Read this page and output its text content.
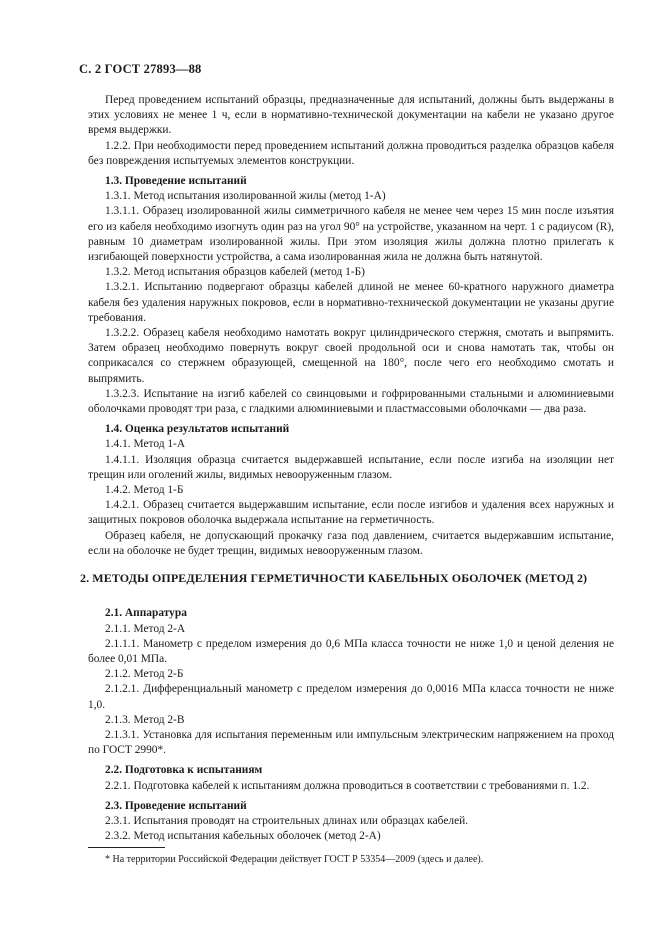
С. 2 ГОСТ 27893—88

Перед проведением испытаний образцы, предназначенные для испытаний, должны быть выдержаны в этих условиях не менее 1 ч, если в нормативно-технической документации на кабели не указано другое время выдержки.

1.2.2. При необходимости перед проведением испытаний должна проводиться разделка образцов кабеля без повреждения испытуемых элементов конструкции.

1.3. Проведение испытаний

1.3.1. Метод испытания изолированной жилы (метод 1-А)

1.3.1.1. Образец изолированной жилы симметричного кабеля не менее чем через 15 мин после изъятия его из кабеля необходимо изогнуть один раз на угол 90° на устройстве, указанном на черт. 1 с радиусом (R), равным 10 диаметрам изолированной жилы. При этом изоляция жилы должна плотно прилегать к изгибающей поверхности устройства, а сама изолированная жила не должна быть натянутой.

1.3.2. Метод испытания образцов кабелей (метод 1-Б)

1.3.2.1. Испытанию подвергают образцы кабелей длиной не менее 60-кратного наружного диаметра кабеля без удаления наружных покровов, если в нормативно-технической документации не указаны другие требования.

1.3.2.2. Образец кабеля необходимо намотать вокруг цилиндрического стержня, смотать и выпрямить. Затем образец необходимо повернуть вокруг своей продольной оси и снова намотать так, чтобы он соприкасался со стержнем образующей, смещенной на 180°, после чего его необходимо смотать и выпрямить.

1.3.2.3. Испытание на изгиб кабелей со свинцовыми и гофрированными стальными и алюминиевыми оболочками проводят три раза, с гладкими алюминиевыми и пластмассовыми оболочками — два раза.

1.4. Оценка результатов испытаний

1.4.1. Метод 1-А

1.4.1.1. Изоляция образца считается выдержавшей испытание, если после изгиба на изоляции нет трещин или оголений жилы, видимых невооруженным глазом.

1.4.2. Метод 1-Б

1.4.2.1. Образец считается выдержавшим испытание, если после изгибов и удаления всех наружных и защитных покровов оболочка выдержала испытание на герметичность.

Образец кабеля, не допускающий прокачку газа под давлением, считается выдержавшим испытание, если на оболочке не будет трещин, видимых невооруженным глазом.

2. МЕТОДЫ ОПРЕДЕЛЕНИЯ ГЕРМЕТИЧНОСТИ КАБЕЛЬНЫХ ОБОЛОЧЕК (МЕТОД 2)

2.1. Аппаратура

2.1.1. Метод 2-А

2.1.1.1. Манометр с пределом измерения до 0,6 МПа класса точности не ниже 1,0 и ценой деления не более 0,01 МПа.

2.1.2. Метод 2-Б

2.1.2.1. Дифференциальный манометр с пределом измерения до 0,0016 МПа класса точности не ниже 1,0.

2.1.3. Метод 2-В

2.1.3.1. Установка для испытания переменным или импульсным электрическим напряжением на проход по ГОСТ 2990*.

2.2. Подготовка к испытаниям

2.2.1. Подготовка кабелей к испытаниям должна проводиться в соответствии с требованиями п. 1.2.

2.3. Проведение испытаний

2.3.1. Испытания проводят на строительных длинах или образцах кабелей.

2.3.2. Метод испытания кабельных оболочек (метод 2-А)

* На территории Российской Федерации действует ГОСТ Р 53354—2009 (здесь и далее).
